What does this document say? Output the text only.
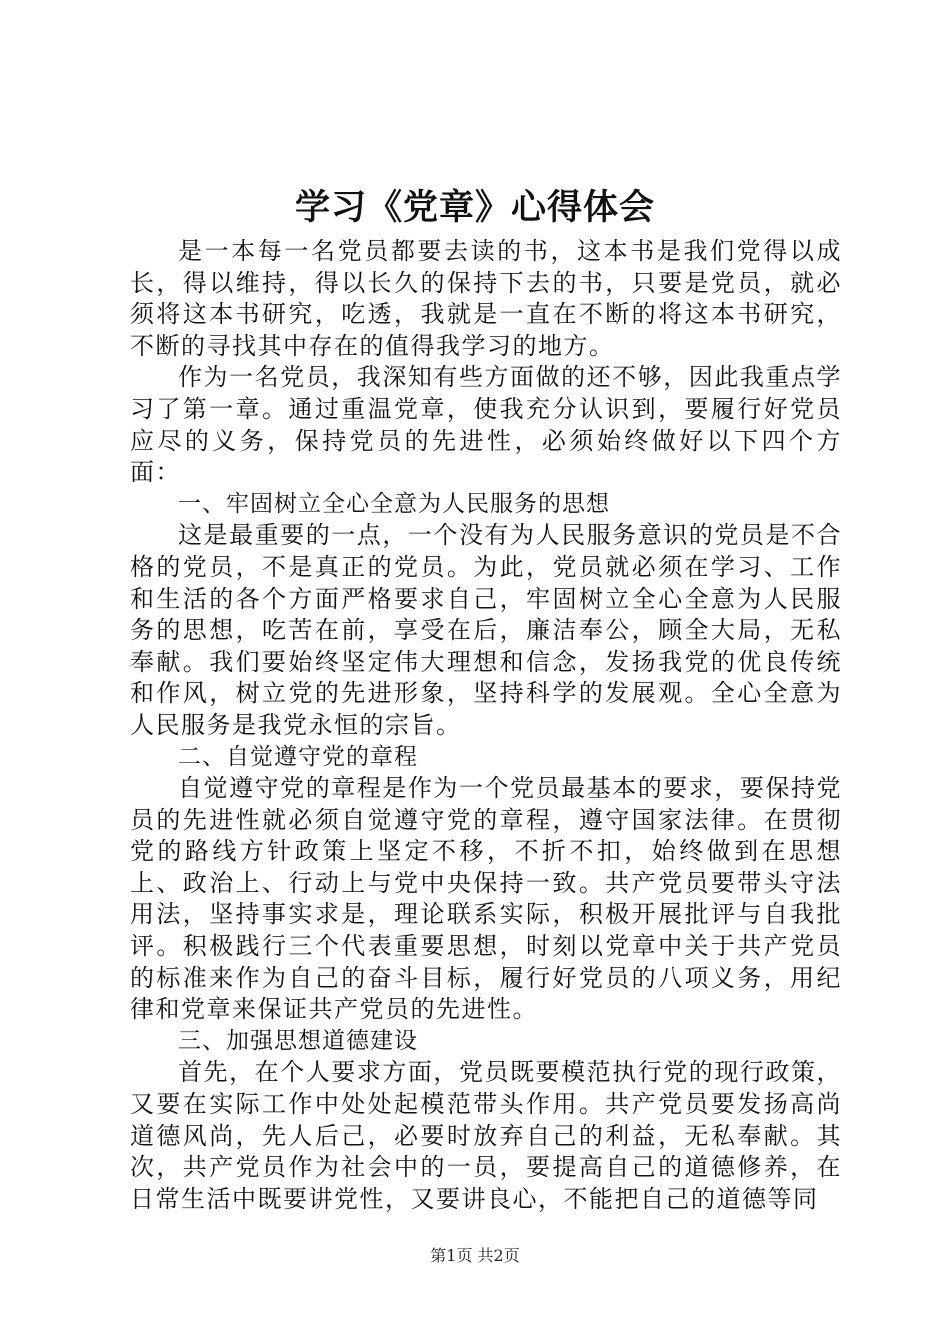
学习《党章》心得体会

是一本每一名党员都要去读的书，这本书是我们党得以成长，得以维持，得以长久的保持下去的书，只要是党员，就必须将这本书研究，吃透，我就是一直在不断的将这本书研究，不断的寻找其中存在的值得我学习的地方。

作为一名党员，我深知有些方面做的还不够，因此我重点学习了第一章。通过重温党章，使我充分认识到，要履行好党员应尽的义务，保持党员的先进性，必须始终做好以下四个方面：

一、牢固树立全心全意为人民服务的思想

这是最重要的一点，一个没有为人民服务意识的党员是不合格的党员，不是真正的党员。为此，党员就必须在学习、工作和生活的各个方面严格要求自己，牢固树立全心全意为人民服务的思想，吃苦在前，享受在后，廉洁奉公，顾全大局，无私奉献。我们要始终坚定伟大理想和信念，发扬我党的优良传统和作风，树立党的先进形象，坚持科学的发展观。全心全意为人民服务是我党永恒的宗旨。

二、自觉遵守党的章程

自觉遵守党的章程是作为一个党员最基本的要求，要保持党员的先进性就必须自觉遵守党的章程，遵守国家法律。在贯彻党的路线方针政策上坚定不移，不折不扣，始终做到在思想上、政治上、行动上与党中央保持一致。共产党员要带头守法用法，坚持事实求是，理论联系实际，积极开展批评与自我批评。积极践行三个代表重要思想，时刻以党章中关于共产党员的标准来作为自己的奋斗目标，履行好党员的八项义务，用纪律和党章来保证共产党员的先进性。

三、加强思想道德建设

首先，在个人要求方面，党员既要模范执行党的现行政策，又要在实际工作中处处起模范带头作用。共产党员要发扬高尚道德风尚，先人后己，必要时放弃自己的利益，无私奉献。其次，共产党员作为社会中的一员，要提高自己的道德修养，在日常生活中既要讲党性，又要讲良心，不能把自己的道德等同

第1页 共2页
